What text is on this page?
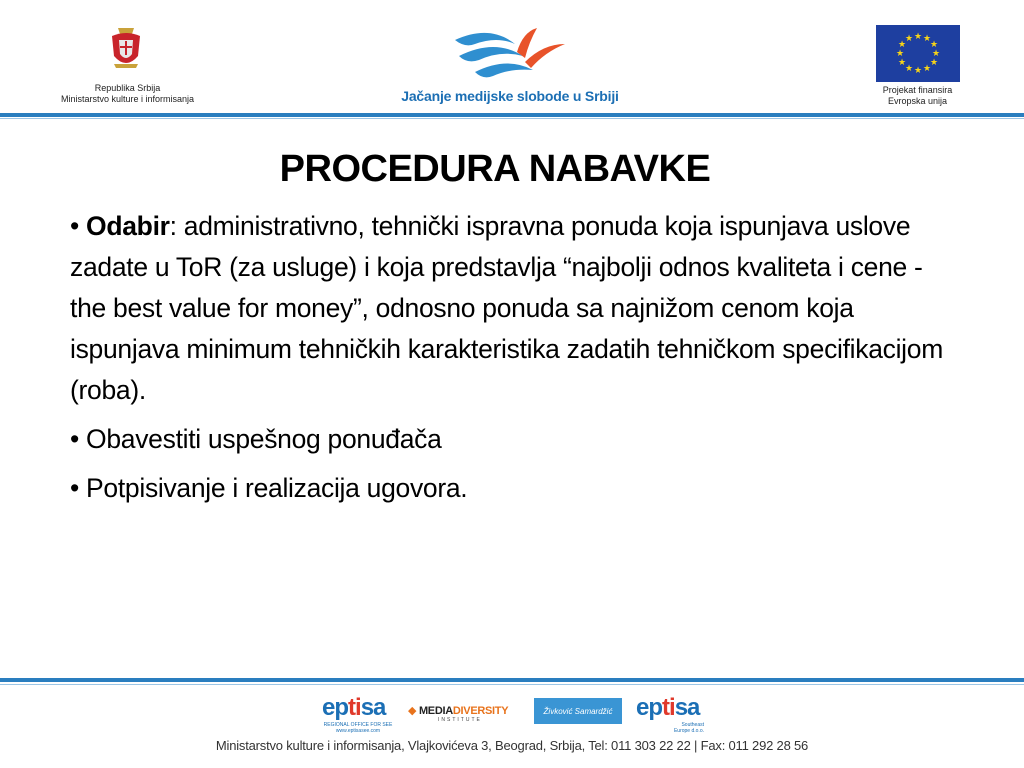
Republika Srbija
Ministarstvo kulture i informisanja	Jačanje medijske slobode u Srbiji
★ ★
★
★
★
★
★
★
★
★
★
★
Projekat finansira
Evropska unija
PROCEDURA NABAVKE

• Odabir: administrativno, tehnički ispravna ponuda koja ispunjava uslove zadate u ToR (za usluge) i koja predstavlja “najbolji odnos kvaliteta i cene - the best value for money”, odnosno ponuda sa najnižom cenom koja ispunjava minimum tehničkih karakteristika zadatih tehničkom specifikacijom (roba).

• Obavestiti uspešnog ponuđača

• Potpisivanje i realizacija ugovora.

eptisa
REGIONAL OFFICE FOR SEE
www.eptisasee.com
◆ MEDIADIVERSITY
INSTITUTE
Živković Samardžić eptisa
Southeast
Europe d.o.o.
Ministarstvo kulture i informisanja, Vlajkovićeva 3, Beograd, Srbija, Tel: 011 303 22 22 | Fax: 011 292 28 56
